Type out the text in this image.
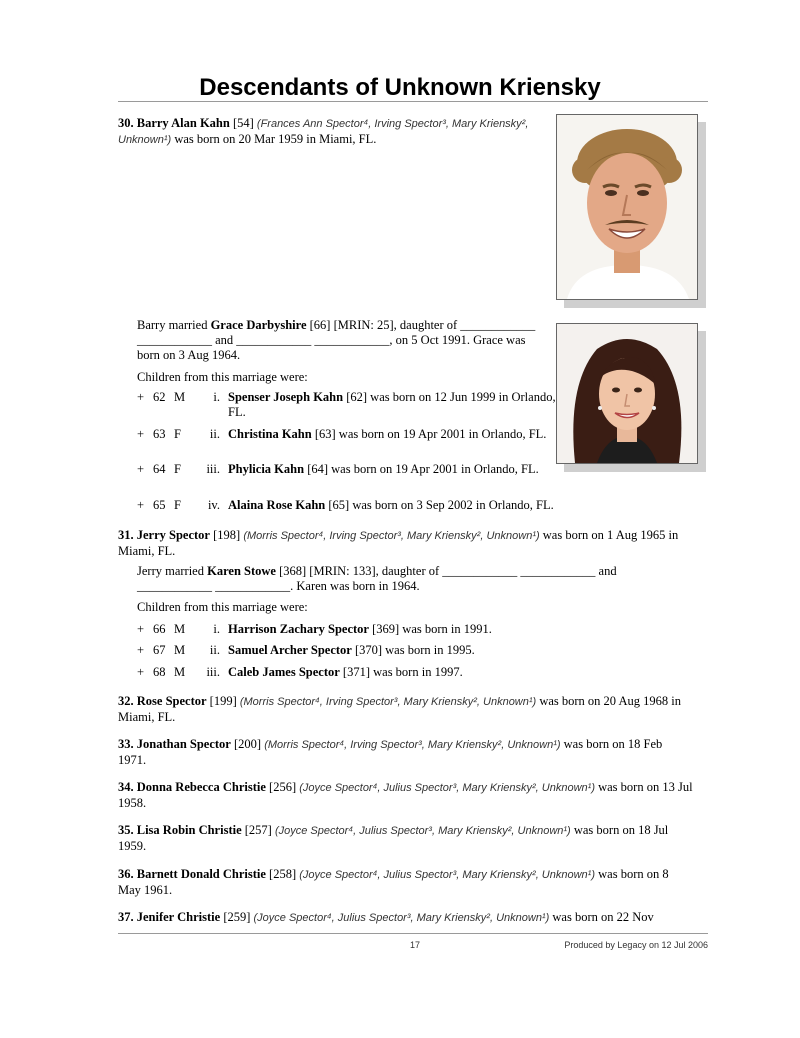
Descendants of Unknown Kriensky
30. Barry Alan Kahn [54] (Frances Ann Spector⁴, Irving Spector³, Mary Kriensky², Unknown¹) was born on 20 Mar 1959 in Miami, FL.
Barry married Grace Darbyshire [66] [MRIN: 25], daughter of ____________ ____________ and ____________ ____________, on 5 Oct 1991. Grace was born on 3 Aug 1964.
Children from this marriage were:
+ 62 M	i. Spenser Joseph Kahn [62] was born on 12 Jun 1999 in Orlando, FL.
+ 63 F	ii. Christina Kahn [63] was born on 19 Apr 2001 in Orlando, FL.
+ 64 F	iii. Phylicia Kahn [64] was born on 19 Apr 2001 in Orlando, FL.
+ 65 F	iv. Alaina Rose Kahn [65] was born on 3 Sep 2002 in Orlando, FL.
31. Jerry Spector [198] (Morris Spector⁴, Irving Spector³, Mary Kriensky², Unknown¹) was born on 1 Aug 1965 in Miami, FL.
Jerry married Karen Stowe [368] [MRIN: 133], daughter of ____________ ____________ and ____________ ____________. Karen was born in 1964.
Children from this marriage were:
+ 66 M	i. Harrison Zachary Spector [369] was born in 1991.
+ 67 M	ii. Samuel Archer Spector [370] was born in 1995.
+ 68 M	iii. Caleb James Spector [371] was born in 1997.
32. Rose Spector [199] (Morris Spector⁴, Irving Spector³, Mary Kriensky², Unknown¹) was born on 20 Aug 1968 in Miami, FL.
33. Jonathan Spector [200] (Morris Spector⁴, Irving Spector³, Mary Kriensky², Unknown¹) was born on 18 Feb 1971.
34. Donna Rebecca Christie [256] (Joyce Spector⁴, Julius Spector³, Mary Kriensky², Unknown¹) was born on 13 Jul 1958.
35. Lisa Robin Christie [257] (Joyce Spector⁴, Julius Spector³, Mary Kriensky², Unknown¹) was born on 18 Jul 1959.
36. Barnett Donald Christie [258] (Joyce Spector⁴, Julius Spector³, Mary Kriensky², Unknown¹) was born on 8 May 1961.
37. Jenifer Christie [259] (Joyce Spector⁴, Julius Spector³, Mary Kriensky², Unknown¹) was born on 22 Nov
17	Produced by Legacy on 12 Jul 2006
